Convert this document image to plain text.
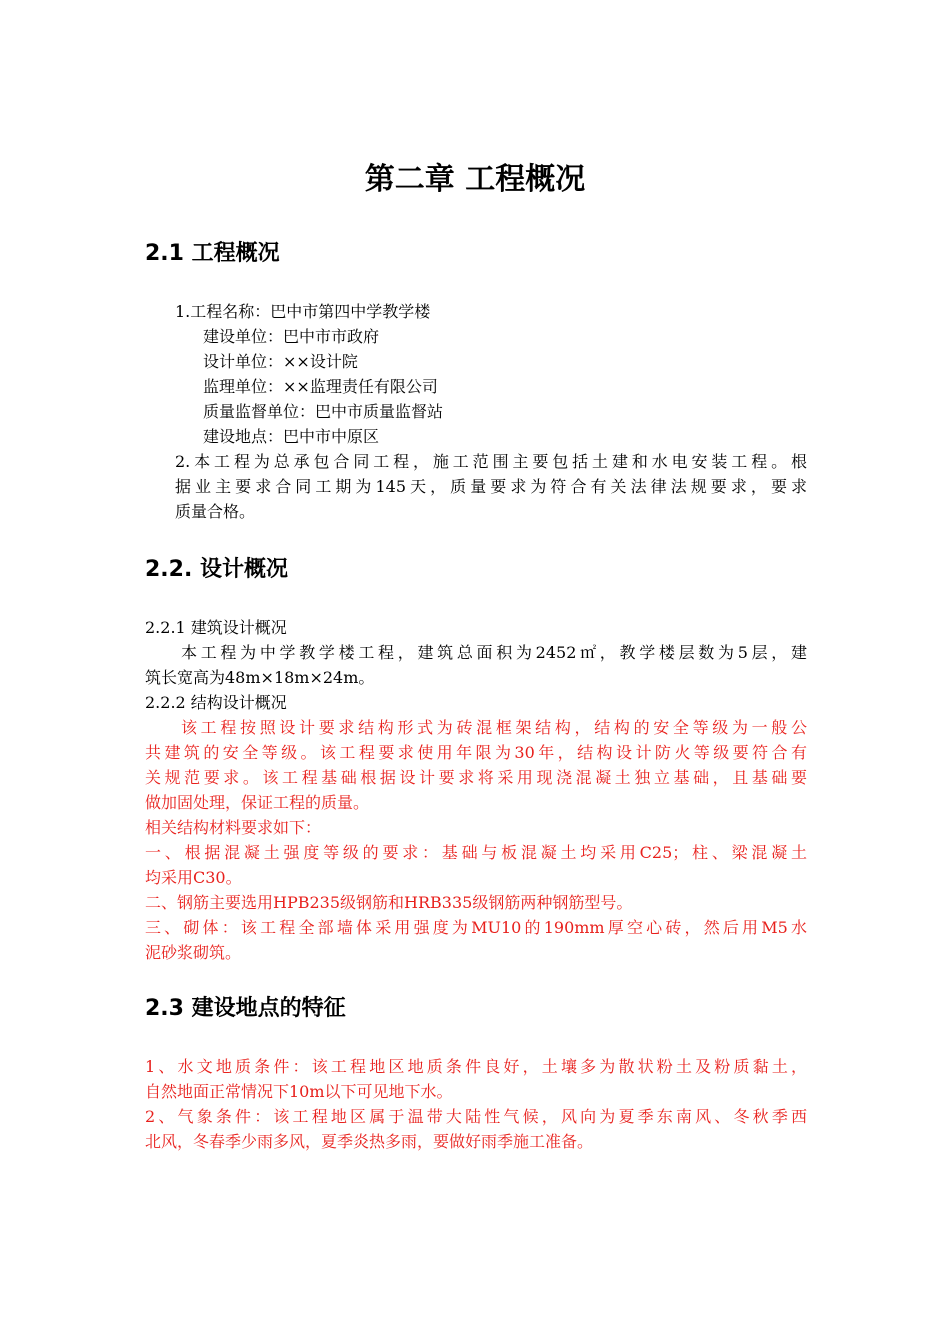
第二章 工程概况
2.1 工程概况
1.工程名称：巴中市第四中学教学楼
建设单位：巴中市市政府
设计单位：××设计院
监理单位：××监理责任有限公司
质量监督单位：巴中市质量监督站
建设地点：巴中市中原区
2.本工程为总承包合同工程，施工范围主要包括土建和水电安装工程。根
据业主要求合同工期为145天，质量要求为符合有关法律法规要求，要求
质量合格。
2.2. 设计概况
2.2.1 建筑设计概况
本工程为中学教学楼工程，建筑总面积为2452㎡，教学楼层数为5层，建
筑长宽高为48m×18m×24m。
2.2.2 结构设计概况
该工程按照设计要求结构形式为砖混框架结构，结构的安全等级为一般公
共建筑的安全等级。该工程要求使用年限为30年，结构设计防火等级要符合有
关规范要求。该工程基础根据设计要求将采用现浇混凝土独立基础，且基础要
做加固处理，保证工程的质量。
相关结构材料要求如下：
一、根据混凝土强度等级的要求：基础与板混凝土均采用C25；柱、梁混凝土
均采用C30。
二、钢筋主要选用HPB235级钢筋和HRB335级钢筋两种钢筋型号。
三、砌体：该工程全部墙体采用强度为MU10的190mm厚空心砖，然后用M5水
泥砂浆砌筑。
2.3 建设地点的特征
1、水文地质条件：该工程地区地质条件良好，土壤多为散状粉土及粉质黏土，
自然地面正常情况下10m以下可见地下水。
2、气象条件：该工程地区属于温带大陆性气候，风向为夏季东南风、冬秋季西
北风，冬春季少雨多风，夏季炎热多雨，要做好雨季施工准备。
